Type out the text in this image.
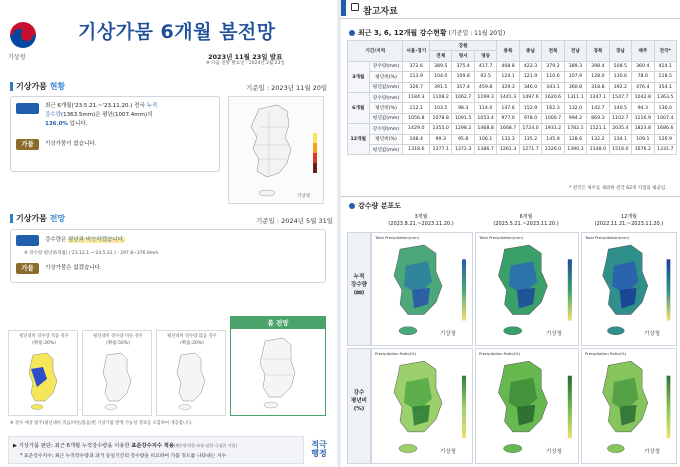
기상청
기상가뭄 6개월 봄전망
2023년 11월 23일 발표
※ 다음 전망 발표일 : 2024년 2월 23일
기상가뭄 현황	기준일 : 2023년 11월 20일
강수	최근 6개월('23.5.21.~'23.11.20.) 전국 누적
강수량(1363.5mm)은 평년(1007.4mm)의
136.0% 입니다.
가뭄	기상가뭄이 없습니다.
기상청
기상가뭄 전망	기준일 : 2024년 5월 31일
강수	강수량은 평년과 비슷하겠습니다.
※ 강수량 평년(6개월) ('23.12.1.~'24.5.31.) : 297.8~376.9mm
가뭄	기상가뭄은 없겠습니다.
평년대비 강수량 적음 경우
(확률:30%)
평년대비 강수량 비슷 경우
(확률:50%)
평년대비 강수량 많음 경우
(확률:20%)
봄 전망
※ 강수 예상 범주(평년대비 적음/비슷/많음)별 기상가뭄 발생 가능성 정보를 포함하여 제공합니다.
▶ 기상가뭄 판단: 최근 6개월 누적강수량을 이용한 표준강수지수 적용(4단계:약한-보통-심한-극심한 가뭄)
* 표준강수지수: 최근 누적강수량과 과거 동일기간의 강수량을 비교하여 가뭄 정도를 나타내는 지수
적극
행정
참고자료
최근 3, 6, 12개월 강수현황 (기준일 : 11월 20일)
기간/지역		서울·경기	강원			충북	충남	전북	전남	경북	경남	제주	전국*
			전체	영서	영동								
3개월	강수량(mm)	372.6	389.5	375.4	417.7	408.8	422.3	379.2	389.3	398.4	508.5	360.4	414.1
	평년비(%)	113.9	104.0	109.8	92.5	124.1	121.9	110.6	107.9	128.0	130.6	78.0	118.5
	평년값(mm)	326.7	391.5	357.4	459.8	329.3	346.0	343.1	360.8	318.8	392.2	476.4	354.1
6개월	강수량(mm)	1184.3	1108.2	1062.7	1199.3	1441.3	1497.6	1620.6	1311.1	1247.1	1547.7	1042.8	1363.5
	평년비(%)	112.1	103.5	98.3	114.0	147.6	152.9	162.3	132.0	142.7	140.5	94.3	136.0
	평년값(mm)	1056.8	1078.8	1091.5	1053.4	977.0	978.0	1000.7	994.2	869.3	1102.7	1116.9	1007.4
12개월	강수량(mm)	1429.0	1355.0	1298.2	1468.8	1668.7	1724.0	1931.2	1782.1	1521.1	2035.4	1823.8	1686.6
	평년비(%)	108.4	99.3	95.8	106.1	132.3	135.2	145.9	128.6	132.2	134.1	109.1	126.9
	평년값(mm)	1318.6	1377.1	1372.3	1386.7	1261.3	1271.7	1326.0	1390.3	1148.0	1516.0	1676.2	1331.7
* 전국은 제주를 제외한 전국 62개 지점의 평균임.
강수량 분포도
3개월
(2023.8.21.~2023.11.20.)
6개월
(2023.5.21.~2023.11.20.)
12개월
(2022.11.21.~2023.11.20.)
누적
강수량
(㎜)
강수
평년비
(%)
Total Precipitation(mm)
기상청
Total Precipitation(mm)
기상청
Total Precipitation(mm)
기상청
Precipitation Ratio(%)
기상청
Precipitation Ratio(%)
기상청
Precipitation Ratio(%)
기상청
